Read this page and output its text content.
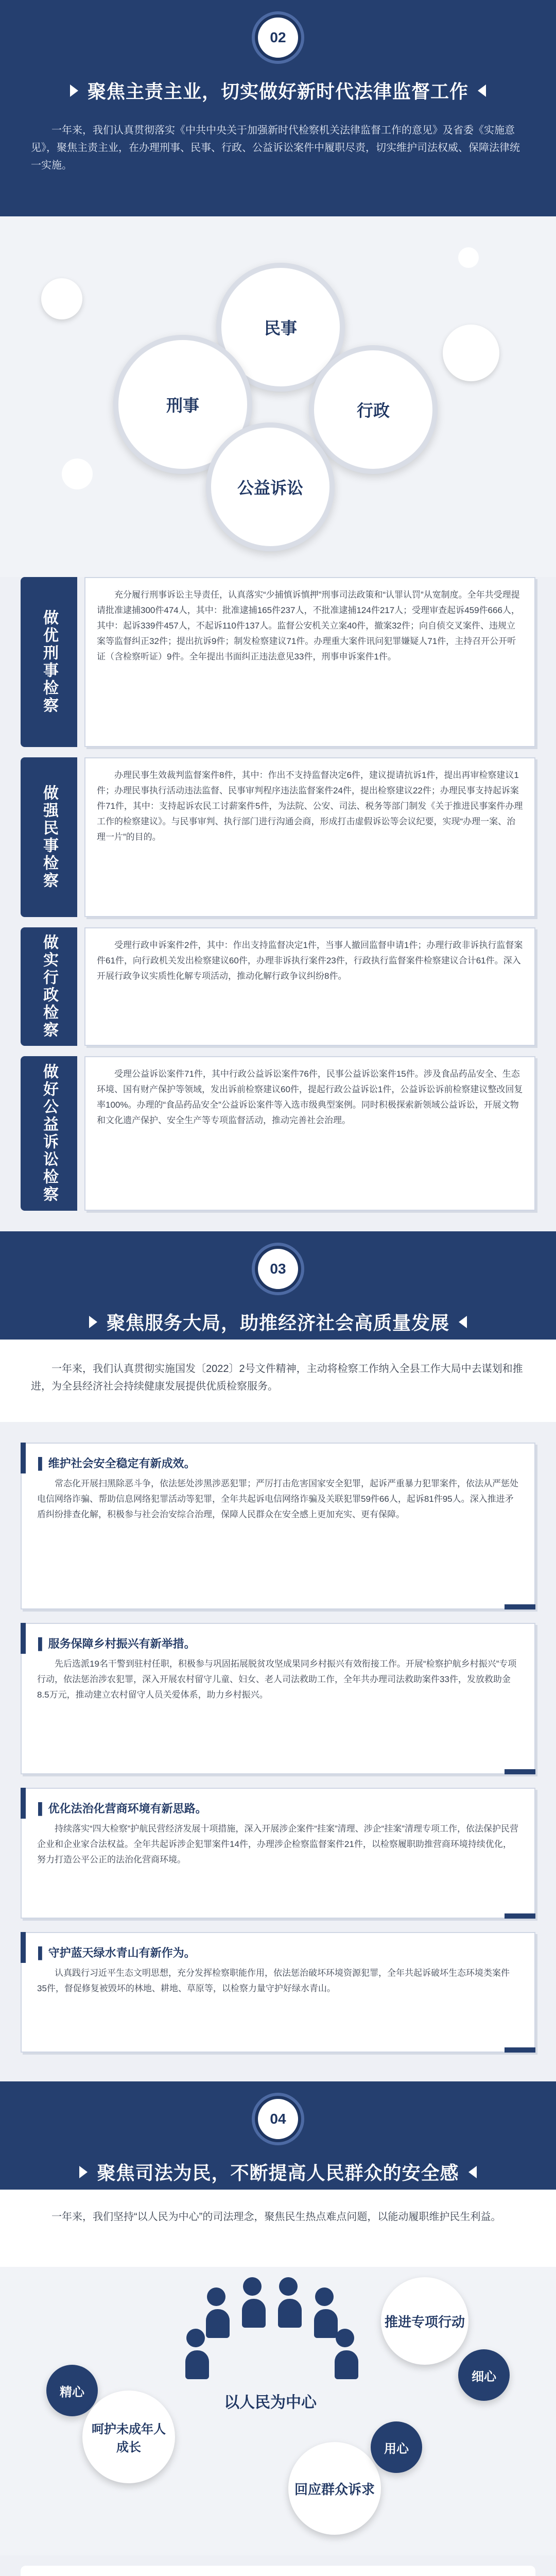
02
聚焦主责主业，切实做好新时代法律监督工作
一年来，我们认真贯彻落实《中共中央关于加强新时代检察机关法律监督工作的意见》及省委《实施意见》，聚焦主责主业，在办理刑事、民事、行政、公益诉讼案件中履职尽责，切实维护司法权威、保障法律统一实施。
民事
刑事	行政
公益诉讼
做优刑事检察
充分履行刑事诉讼主导责任，认真落实“少捕慎诉慎押”刑事司法政策和“认罪认罚”从宽制度。全年共受理提请批准逮捕300件474人，其中：批准逮捕165件237人，不批准逮捕124件217人；受理审查起诉459件666人，其中：起诉339件457人，不起诉110件137人。监督公安机关立案40件，撤案32件；向自侦交叉案件、违规立案等监督纠正32件；提出抗诉9件；制发检察建议71件。办理重大案件讯问犯罪嫌疑人71件，主持召开公开听证（含检察听证）9件。全年提出书面纠正违法意见33件，刑事申诉案件1件。
做强民事检察
办理民事生效裁判监督案件8件，其中：作出不支持监督决定6件，建议提请抗诉1件，提出再审检察建议1件；办理民事执行活动违法监督、民事审判程序违法监督案件24件，提出检察建议22件；办理民事支持起诉案件71件，其中：支持起诉农民工讨薪案件5件，为法院、公安、司法、税务等部门制发《关于推进民事案件办理工作的检察建议》。与民事审判、执行部门进行沟通会商，形成打击虚假诉讼等会议纪要，实现“办理一案、治理一片”的目的。
做实行政检察	受理行政申诉案件2件，其中：作出支持监督决定1件，当事人撤回监督申请1件；办理行政非诉执行监督案件61件，向行政机关发出检察建议60件，办理非诉执行案件23件，行政执行监督案件检察建议合计61件。深入开展行政争议实质性化解专项活动，推动化解行政争议纠纷8件。
做好公益诉讼检察	受理公益诉讼案件71件，其中行政公益诉讼案件76件，民事公益诉讼案件15件。涉及食品药品安全、生态环境、国有财产保护等领域，发出诉前检察建议60件，提起行政公益诉讼1件，公益诉讼诉前检察建议整改回复率100%。办理的“食品药品安全”公益诉讼案件等入选市级典型案例。同时积极探索新领域公益诉讼，开展文物和文化遗产保护、安全生产等专项监督活动，推动完善社会治理。
03
聚焦服务大局，助推经济社会高质量发展
一年来，我们认真贯彻实施国发〔2022〕2号文件精神，主动将检察工作纳入全县工作大局中去谋划和推进，为全县经济社会持续健康发展提供优质检察服务。
▌ 维护社会安全稳定有新成效。

常态化开展扫黑除恶斗争，依法惩处涉黑涉恶犯罪；严厉打击危害国家安全犯罪，起诉严重暴力犯罪案件，依法从严惩处电信网络诈骗、帮助信息网络犯罪活动等犯罪，全年共起诉电信网络诈骗及关联犯罪59件66人，起诉81件95人。深入推进矛盾纠纷排查化解，积极参与社会治安综合治理，保障人民群众在安全感上更加充实、更有保障。

▌ 服务保障乡村振兴有新举措。

先后选派19名干警到驻村任职，积极参与巩固拓展脱贫攻坚成果同乡村振兴有效衔接工作。开展“检察护航乡村振兴”专项行动，依法惩治涉农犯罪，深入开展农村留守儿童、妇女、老人司法救助工作，全年共办理司法救助案件33件，发放救助金8.5万元，推动建立农村留守人员关爱体系，助力乡村振兴。

▌ 优化法治化营商环境有新思路。

持续落实“四大检察”护航民营经济发展十项措施，深入开展涉企案件“挂案”清理、涉企“挂案”清理专项工作，依法保护民营企业和企业家合法权益。全年共起诉涉企犯罪案件14件，办理涉企检察监督案件21件，以检察履职助推营商环境持续优化，努力打造公平公正的法治化营商环境。

▌ 守护蓝天绿水青山有新作为。

认真践行习近平生态文明思想，充分发挥检察职能作用，依法惩治破坏环境资源犯罪，全年共起诉破坏生态环境类案件35件，督促修复被毁坏的林地、耕地、草原等，以检察力量守护好绿水青山。

04
聚焦司法为民，不断提高人民群众的安全感
一年来，我们坚持“以人民为中心”的司法理念，聚焦民生热点难点问题，以能动履职维护民生利益。
以人民为中心
推进专项行动
细心
精心
呵护未成年人成长
回应群众诉求
用心
